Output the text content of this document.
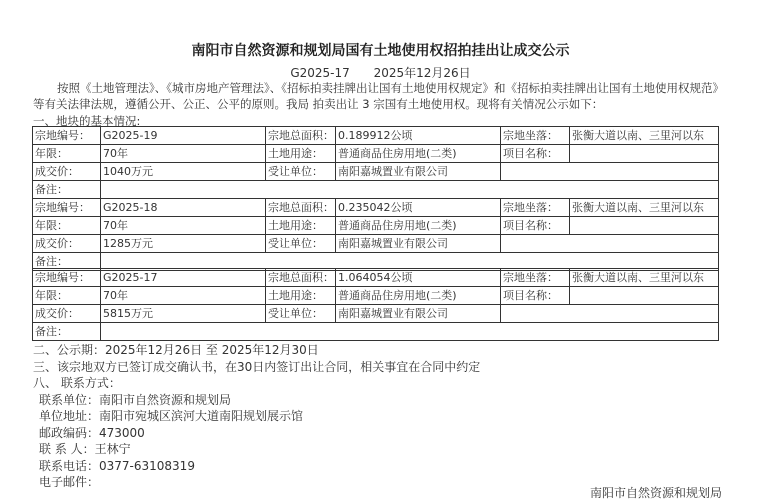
南阳市自然资源和规划局国有土地使用权招拍挂出让成交公示
G2025-17 2025年12月26日
按照《土地管理法》、《城市房地产管理法》、《招标拍卖挂牌出让国有土地使用权规定》和《招标拍卖挂牌出让国有土地使用权规范》等有关法律法规，遵循公开、公正、公平的原则。我局 拍卖出让 3 宗国有土地使用权。现将有关情况公示如下：
一、地块的基本情况:
宗地编号：	G2025-19	宗地总面积：	0.189912公顷	宗地坐落：	张衡大道以南、三里河以东
年限：	70年	土地用途：	普通商品住房用地(二类)	项目名称：	
成交价：	1040万元	受让单位：	南阳嘉城置业有限公司		
备注：					
宗地编号：	G2025-18	宗地总面积：	0.235042公顷	宗地坐落：	张衡大道以南、三里河以东
年限：	70年	土地用途：	普通商品住房用地(二类)	项目名称：	
成交价：	1285万元	受让单位：	南阳嘉城置业有限公司		
备注：					
宗地编号：	G2025-17	宗地总面积：	1.064054公顷	宗地坐落：	张衡大道以南、三里河以东
年限：	70年	土地用途：	普通商品住房用地(二类)	项目名称：	
成交价：	5815万元	受让单位：	南阳嘉城置业有限公司		
备注：					
二、公示期：2025年12月26日 至 2025年12月30日
三、该宗地双方已签订成交确认书，在30日内签订出让合同，相关事宜在合同中约定
八、 联系方式：
联系单位：南阳市自然资源和规划局
单位地址：南阳市宛城区滨河大道南阳规划展示馆
邮政编码：473000
联 系 人：王林宁
联系电话：0377-63108319
电子邮件：
南阳市自然资源和规划局
